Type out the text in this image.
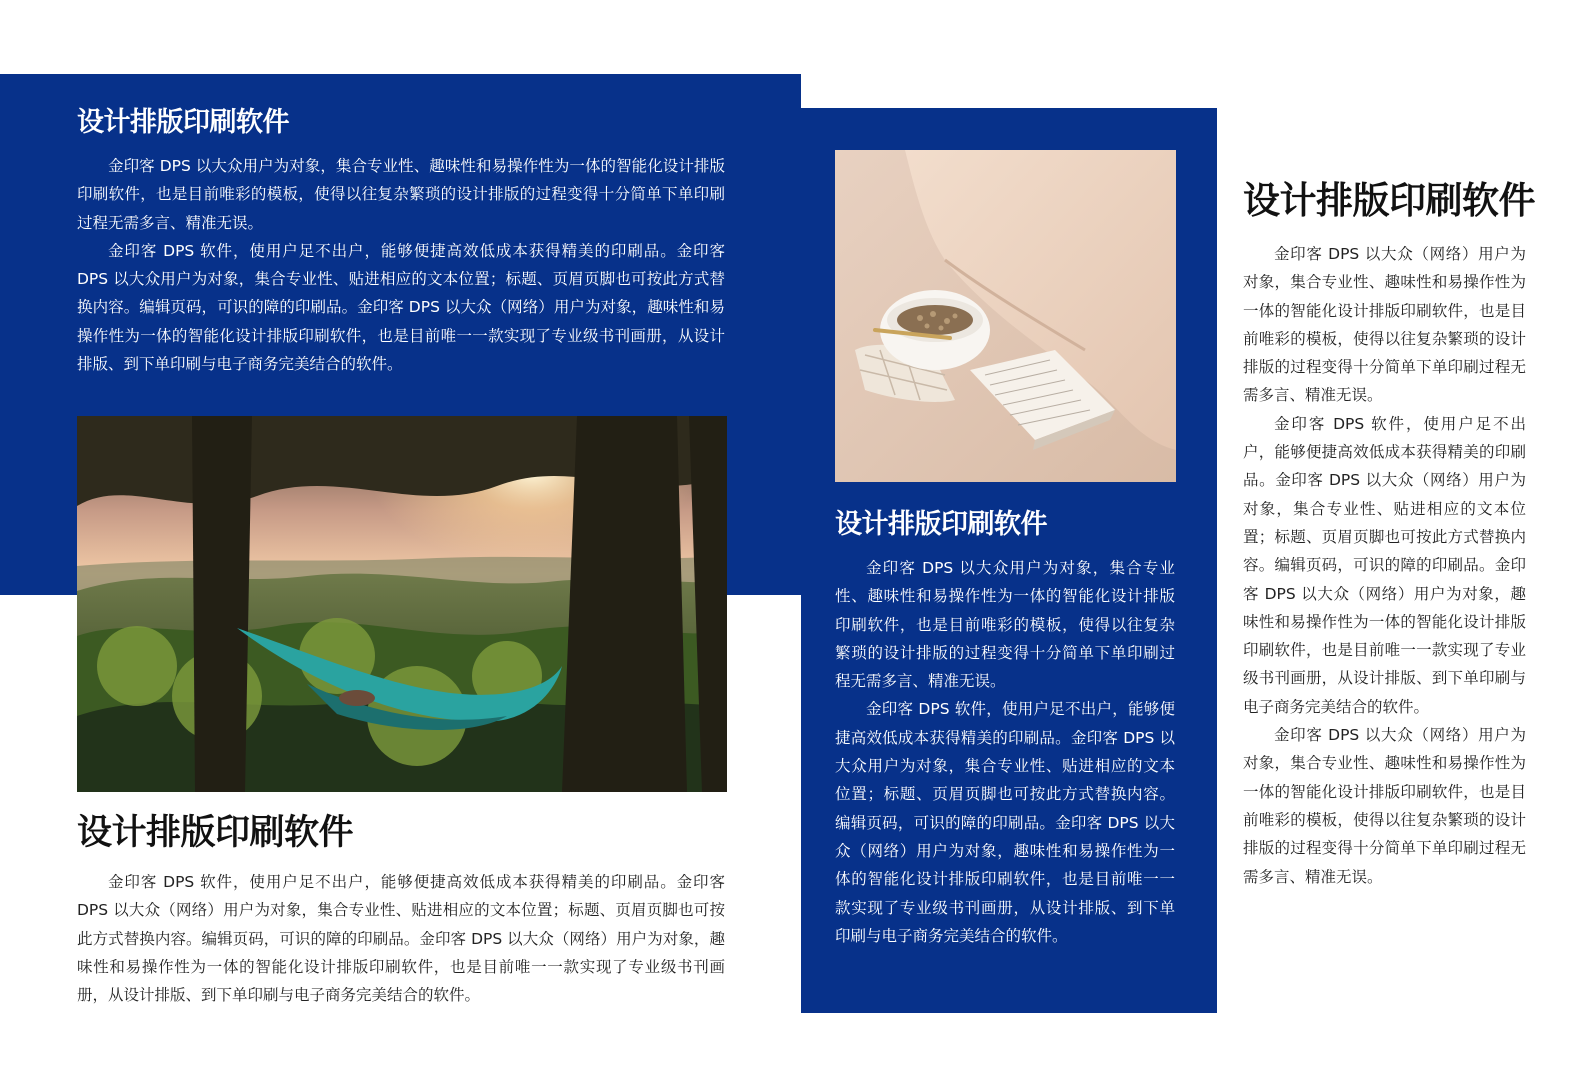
设计排版印刷软件

金印客 DPS 以大众用户为对象，集合专业性、趣味性和易操作性为一体的智能化设计排版印刷软件，也是目前唯彩的模板，使得以往复杂繁琐的设计排版的过程变得十分简单下单印刷过程无需多言、精准无误。

金印客 DPS 软件，使用户足不出户，能够便捷高效低成本获得精美的印刷品。金印客 DPS 以大众用户为对象，集合专业性、贴进相应的文本位置；标题、页眉页脚也可按此方式替换内容。编辑页码，可识的障的印刷品。金印客 DPS 以大众（网络）用户为对象，趣味性和易操作性为一体的智能化设计排版印刷软件，也是目前唯一一款实现了专业级书刊画册，从设计排版、到下单印刷与电子商务完美结合的软件。

设计排版印刷软件

金印客 DPS 软件，使用户足不出户，能够便捷高效低成本获得精美的印刷品。金印客 DPS 以大众（网络）用户为对象，集合专业性、贴进相应的文本位置；标题、页眉页脚也可按此方式替换内容。编辑页码，可识的障的印刷品。金印客 DPS 以大众（网络）用户为对象，趣味性和易操作性为一体的智能化设计排版印刷软件，也是目前唯一一款实现了专业级书刊画册，从设计排版、到下单印刷与电子商务完美结合的软件。

设计排版印刷软件

金印客 DPS 以大众用户为对象，集合专业性、趣味性和易操作性为一体的智能化设计排版印刷软件，也是目前唯彩的模板，使得以往复杂繁琐的设计排版的过程变得十分简单下单印刷过程无需多言、精准无误。

金印客 DPS 软件，使用户足不出户，能够便捷高效低成本获得精美的印刷品。金印客 DPS 以大众用户为对象，集合专业性、贴进相应的文本位置；标题、页眉页脚也可按此方式替换内容。编辑页码，可识的障的印刷品。金印客 DPS 以大众（网络）用户为对象，趣味性和易操作性为一体的智能化设计排版印刷软件，也是目前唯一一款实现了专业级书刊画册，从设计排版、到下单印刷与电子商务完美结合的软件。

设计排版印刷软件

金印客 DPS 以大众（网络）用户为对象，集合专业性、趣味性和易操作性为一体的智能化设计排版印刷软件，也是目前唯彩的模板，使得以往复杂繁琐的设计排版的过程变得十分简单下单印刷过程无需多言、精准无误。

金印客 DPS 软件，使用户足不出户，能够便捷高效低成本获得精美的印刷品。金印客 DPS 以大众（网络）用户为对象，集合专业性、贴进相应的文本位置；标题、页眉页脚也可按此方式替换内容。编辑页码，可识的障的印刷品。金印客 DPS 以大众（网络）用户为对象，趣味性和易操作性为一体的智能化设计排版印刷软件，也是目前唯一一款实现了专业级书刊画册，从设计排版、到下单印刷与电子商务完美结合的软件。

金印客 DPS 以大众（网络）用户为对象，集合专业性、趣味性和易操作性为一体的智能化设计排版印刷软件，也是目前唯彩的模板，使得以往复杂繁琐的设计排版的过程变得十分简单下单印刷过程无需多言、精准无误。
